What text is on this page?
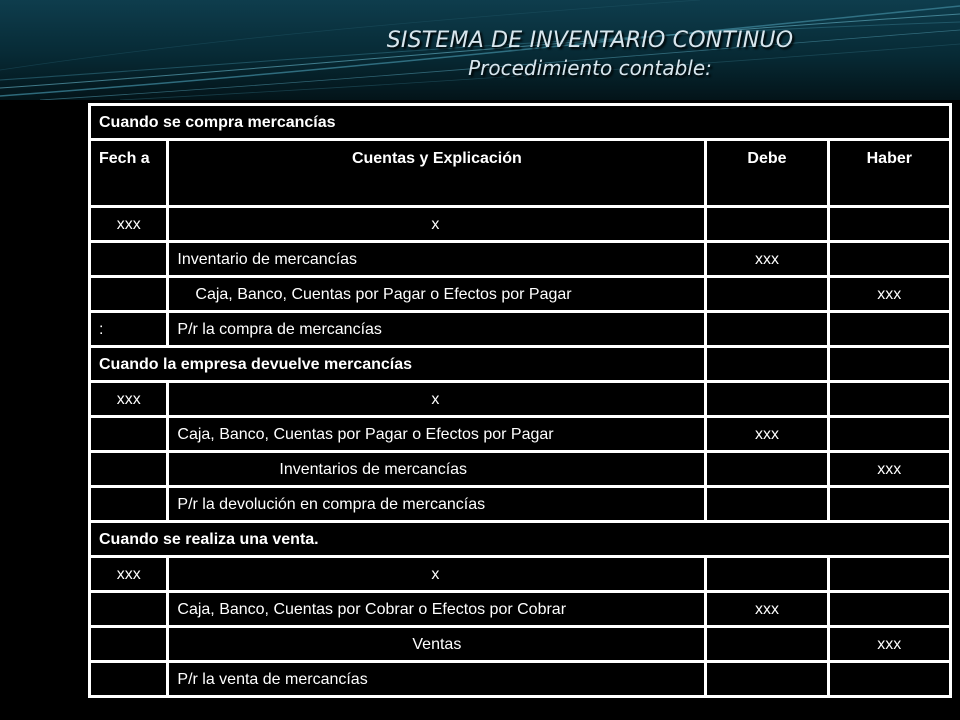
SISTEMA DE INVENTARIO CONTINUO
Procedimiento contable:
Cuando se compra mercancías			
Fech a	Cuentas y Explicación	Debe	Haber
xxx	x		
	Inventario de mercancías	xxx	
	Caja, Banco, Cuentas por Pagar o Efectos por Pagar		xxx
:	P/r la compra de mercancías		
Cuando la empresa devuelve mercancías			
xxx	x		
	Caja, Banco, Cuentas por Pagar o Efectos por Pagar	xxx	
	Inventarios de mercancías		xxx
	P/r la devolución en compra de mercancías		
Cuando se realiza una venta.			
xxx	x		
	Caja, Banco, Cuentas por Cobrar o Efectos por Cobrar	xxx	
	Ventas		xxx
	P/r la venta de mercancías		
